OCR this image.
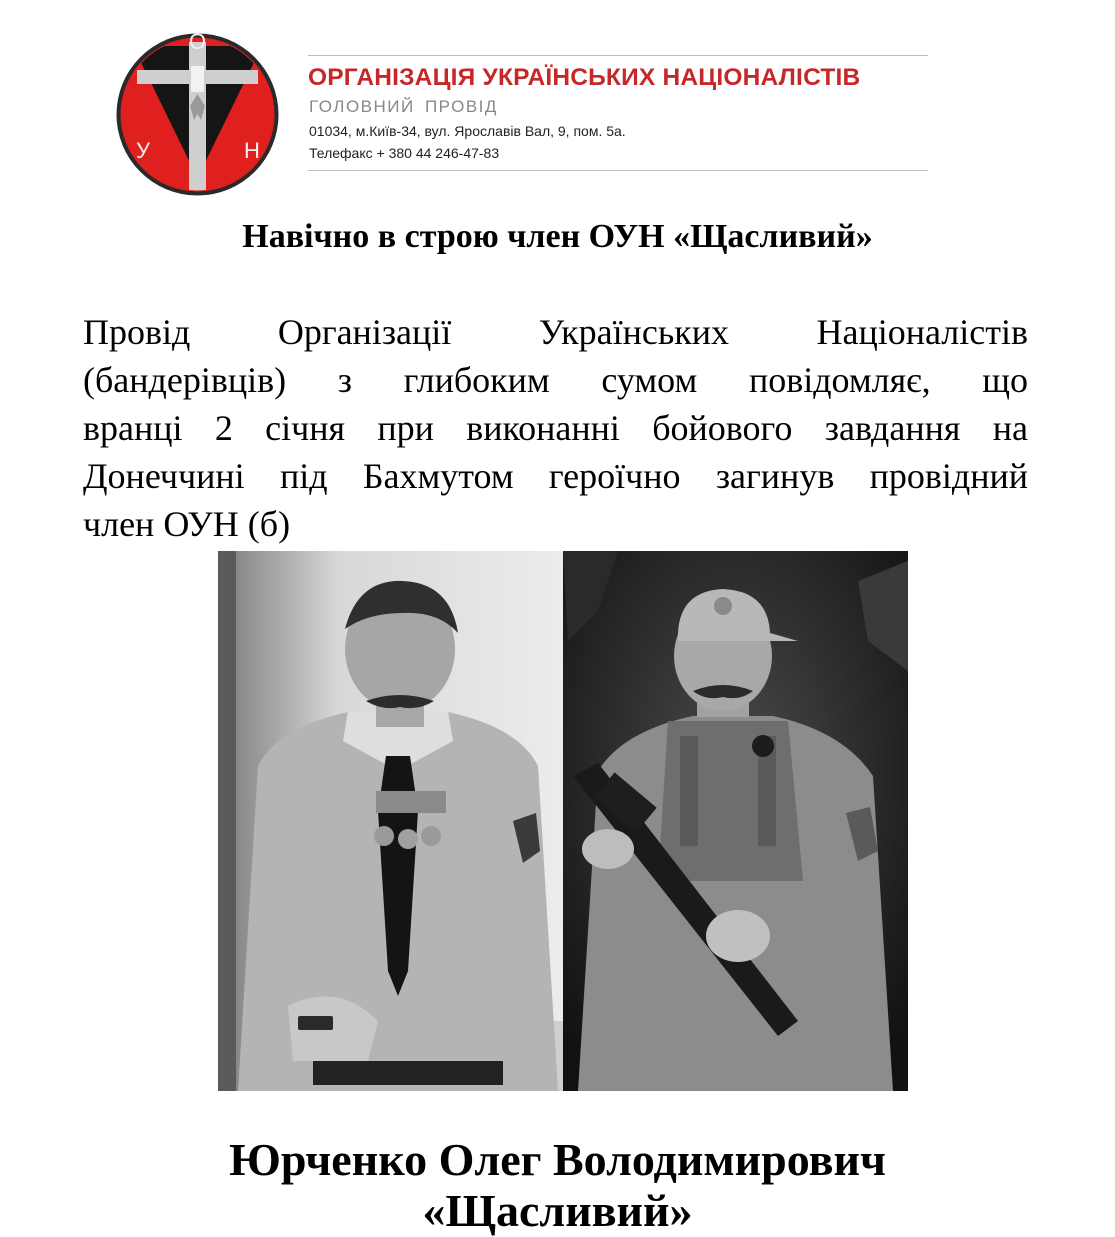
О
У	Н
ОРГАНІЗАЦІЯ УКРАЇНСЬКИХ НАЦІОНАЛІСТІВ
ГОЛОВНИЙ ПРОВІД
01034, м.Київ-34, вул. Ярославів Вал, 9, пом. 5а.
Телефакс + 380 44 246-47-83
Навічно в строю член ОУН «Щасливий»
Провід Організації Українських Націоналістів
(бандерівців) з глибоким сумом повідомляє, що
вранці 2 січня при виконанні бойового завдання на
Донеччині під Бахмутом героїчно загинув провідний
член ОУН (б)
Юрченко Олег Володимирович
«Щасливий»
